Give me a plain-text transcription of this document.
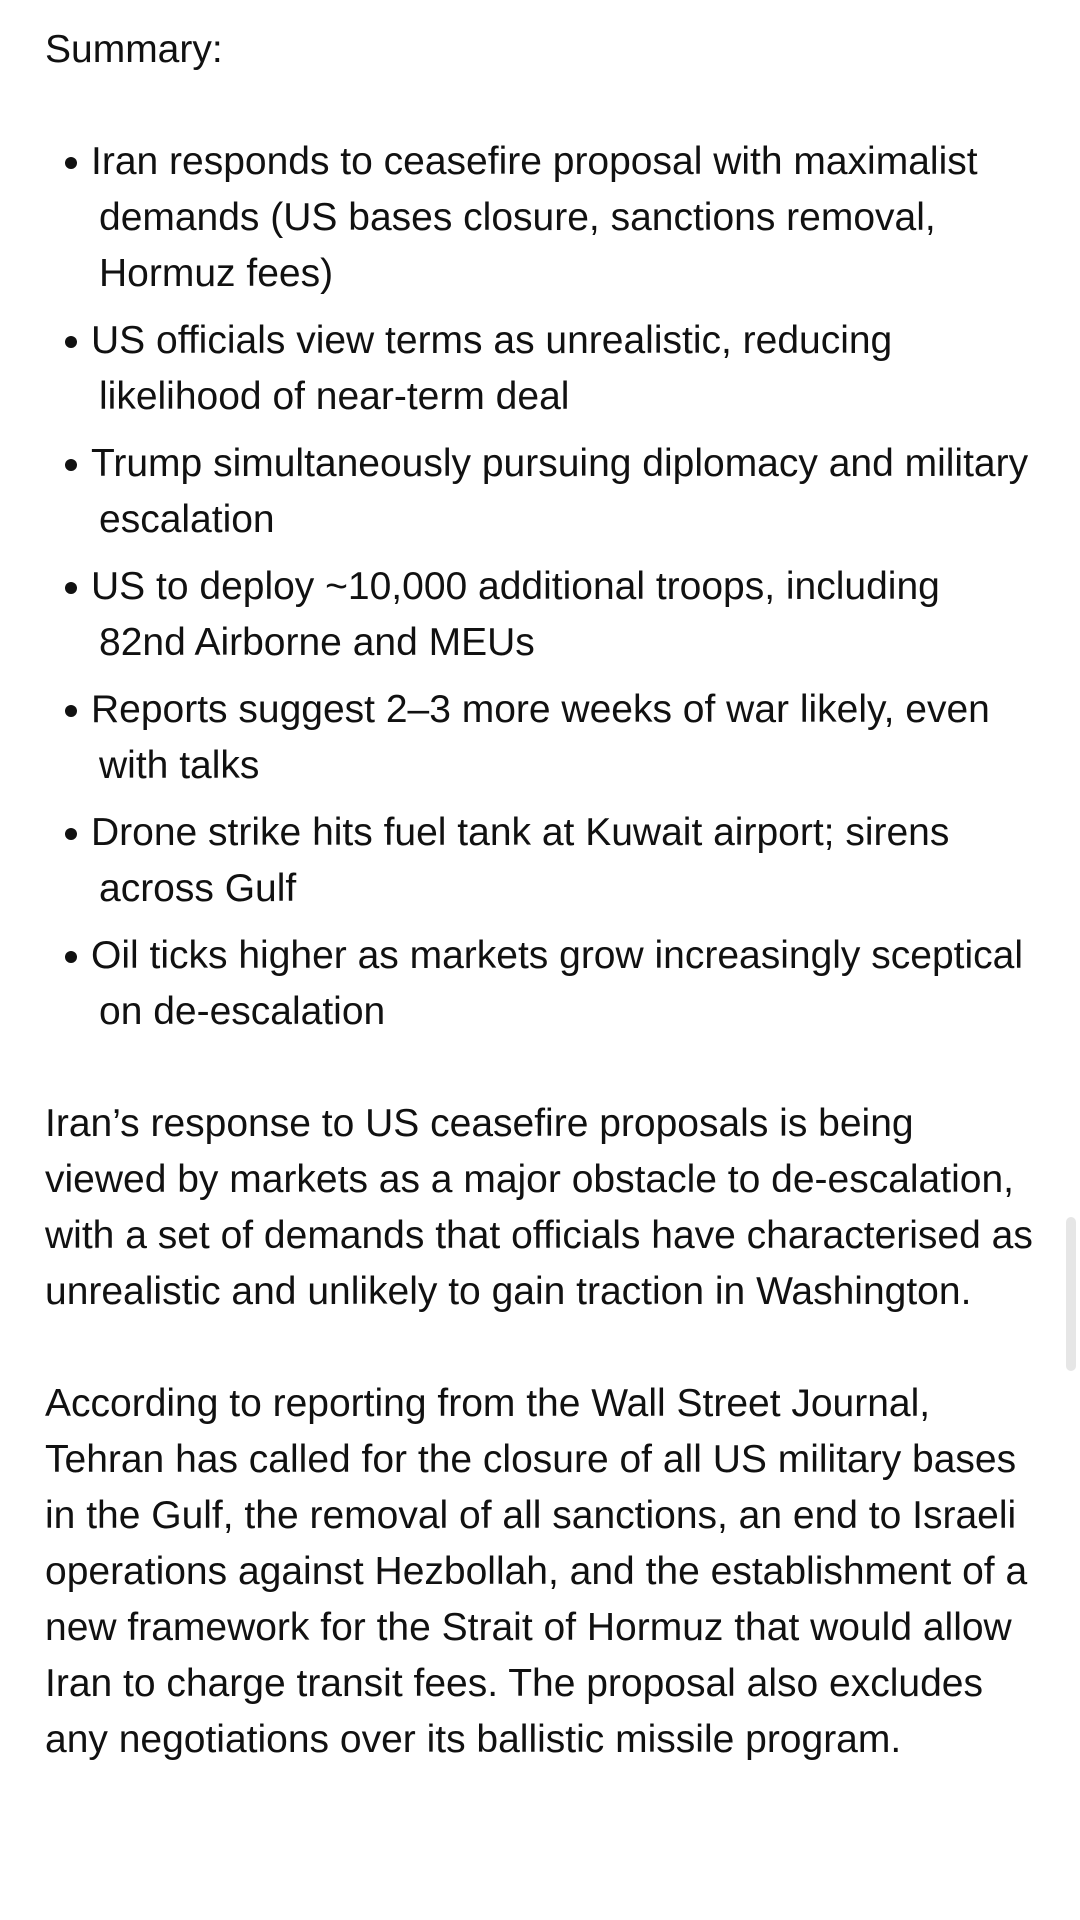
Summary:
Iran responds to ceasefire proposal with maximalist demands (US bases closure, sanctions removal, Hormuz fees)
US officials view terms as unrealistic, reducing likelihood of near-term deal
Trump simultaneously pursuing diplomacy and military escalation
US to deploy ~10,000 additional troops, including 82nd Airborne and MEUs
Reports suggest 2–3 more weeks of war likely, even with talks
Drone strike hits fuel tank at Kuwait airport; sirens across Gulf
Oil ticks higher as markets grow increasingly sceptical on de-escalation

Iran’s response to US ceasefire proposals is being viewed by markets as a major obstacle to de-escalation, with a set of demands that officials have characterised as unrealistic and unlikely to gain traction in Washington.

According to reporting from the Wall Street Journal, Tehran has called for the closure of all US military bases in the Gulf, the removal of all sanctions, an end to Israeli operations against Hezbollah, and the establishment of a new framework for the Strait of Hormuz that would allow Iran to charge transit fees. The proposal also excludes any negotiations over its ballistic missile program.
